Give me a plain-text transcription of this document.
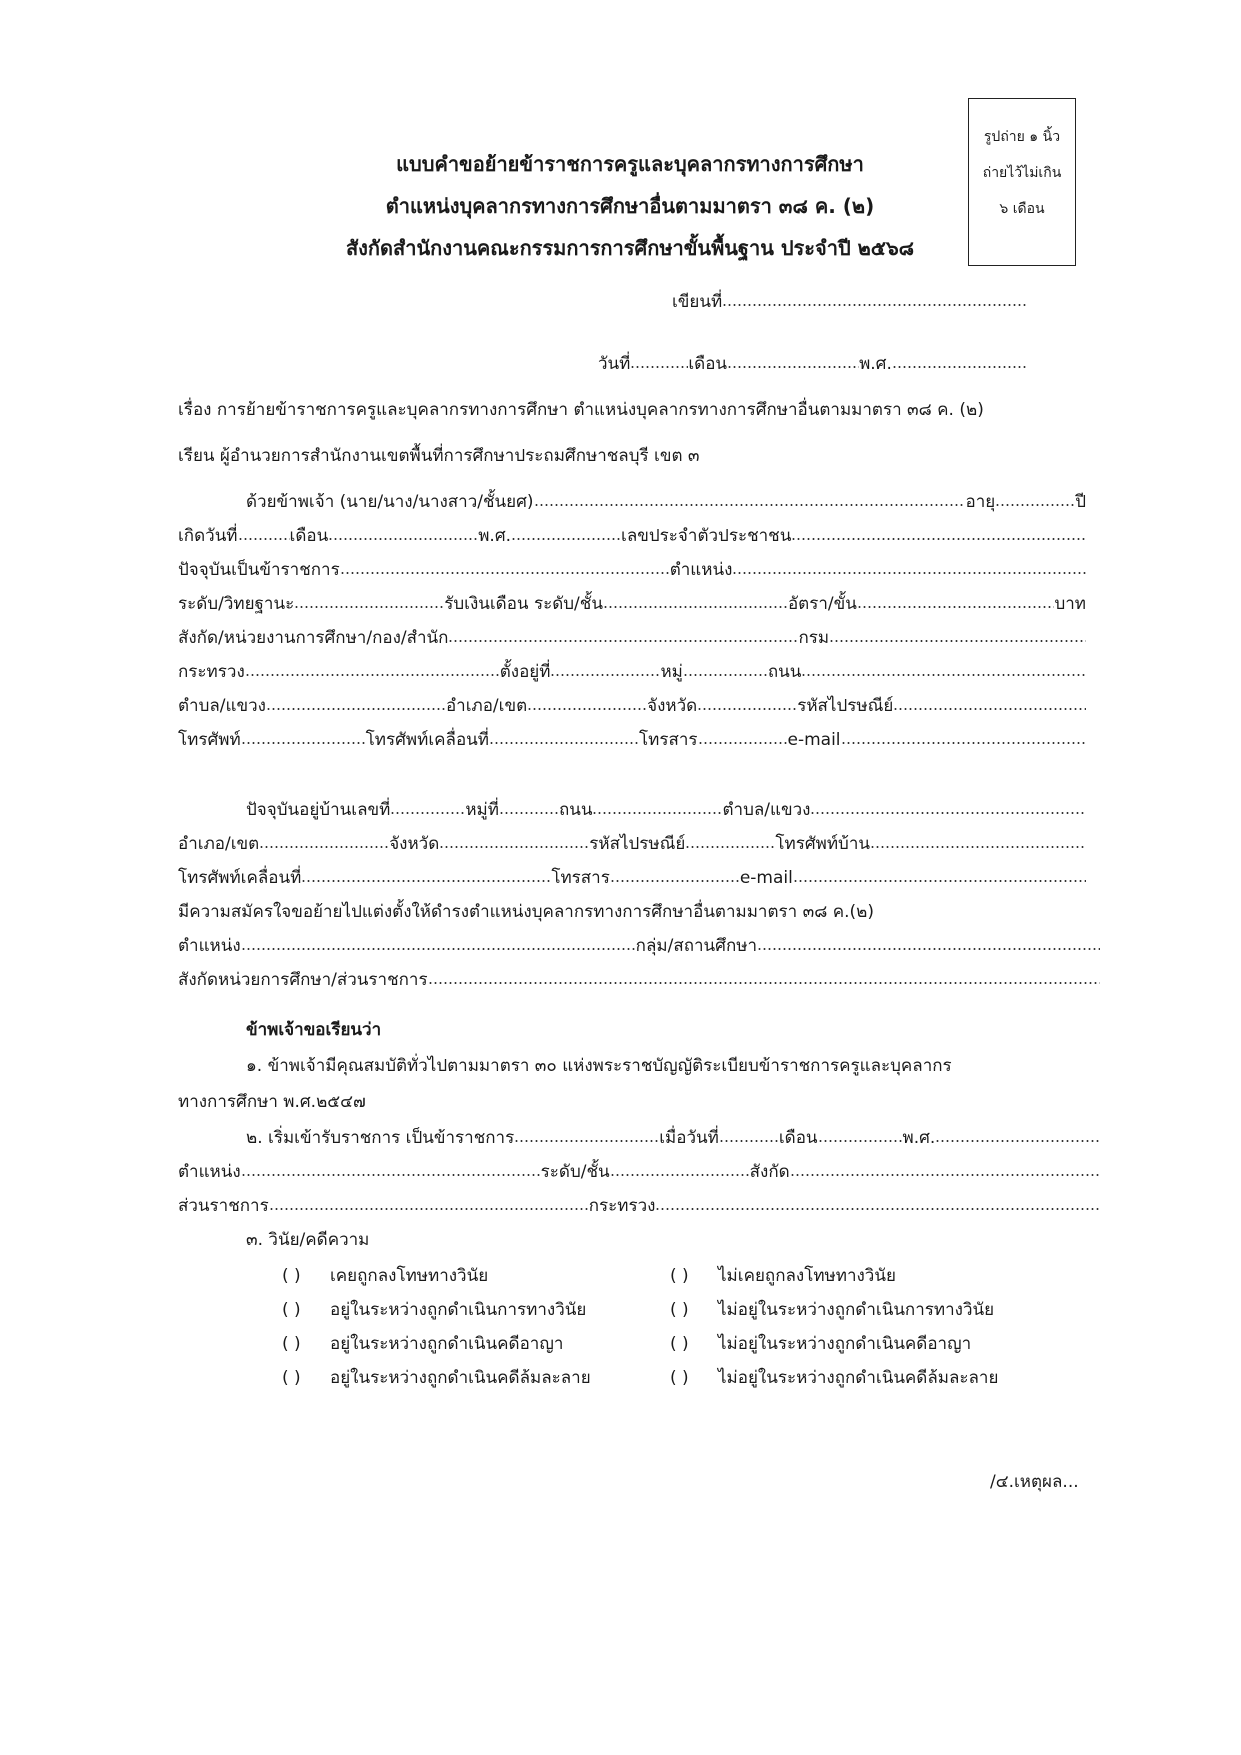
รูปถ่าย ๑ นิ้ว
ถ่ายไว้ไม่เกิน
๖ เดือน
แบบคำขอย้ายข้าราชการครูและบุคลากรทางการศึกษา
ตำแหน่งบุคลากรทางการศึกษาอื่นตามมาตรา ๓๘ ค. (๒)
สังกัดสำนักงานคณะกรรมการการศึกษาขั้นพื้นฐาน ประจำปี ๒๕๖๘
เขียนที่
วันที่	เดือน	พ.ศ.
เรื่อง การย้ายข้าราชการครูและบุคลากรทางการศึกษา ตำแหน่งบุคลากรทางการศึกษาอื่นตามมาตรา ๓๘ ค. (๒)
เรียน ผู้อำนวยการสำนักงานเขตพื้นที่การศึกษาประถมศึกษาชลบุรี เขต ๓
ด้วยข้าพเจ้า (นาย/นาง/นางสาว/ชั้นยศ)	อายุ	ปี
เกิดวันที่	เดือน	พ.ศ.	เลขประจำตัวประชาชน
ปัจจุบันเป็นข้าราชการ	ตำแหน่ง
ระดับ/วิทยฐานะ	รับเงินเดือน ระดับ/ชั้น	อัตรา/ขั้น	บาท
สังกัด/หน่วยงานการศึกษา/กอง/สำนัก	กรม
กระทรวง	ตั้งอยู่ที่	หมู่	ถนน
ตำบล/แขวง	อำเภอ/เขต	จังหวัด	รหัสไปรษณีย์
โทรศัพท์	โทรศัพท์เคลื่อนที่	โทรสาร	e-mail
ปัจจุบันอยู่บ้านเลขที่	หมู่ที่	ถนน	ตำบล/แขวง
อำเภอ/เขต	จังหวัด	รหัสไปรษณีย์	โทรศัพท์บ้าน
โทรศัพท์เคลื่อนที่	โทรสาร	e-mail
มีความสมัครใจขอย้ายไปแต่งตั้งให้ดำรงตำแหน่งบุคลากรทางการศึกษาอื่นตามมาตรา ๓๘ ค.(๒)
ตำแหน่ง	กลุ่ม/สถานศึกษา
สังกัดหน่วยการศึกษา/ส่วนราชการ
ข้าพเจ้าขอเรียนว่า
๑. ข้าพเจ้ามีคุณสมบัติทั่วไปตามมาตรา ๓๐ แห่งพระราชบัญญัติระเบียบข้าราชการครูและบุคลากร
ทางการศึกษา พ.ศ.๒๕๔๗
๒. เริ่มเข้ารับราชการ เป็นข้าราชการ	เมื่อวันที่	เดือน	พ.ศ.
ตำแหน่ง	ระดับ/ชั้น	สังกัด
ส่วนราชการ	กระทรวง
๓. วินัย/คดีความ
( )	เคยถูกลงโทษทางวินัย	( )	ไม่เคยถูกลงโทษทางวินัย
( )	อยู่ในระหว่างถูกดำเนินการทางวินัย	( )	ไม่อยู่ในระหว่างถูกดำเนินการทางวินัย
( )	อยู่ในระหว่างถูกดำเนินคดีอาญา	( )	ไม่อยู่ในระหว่างถูกดำเนินคดีอาญา
( )	อยู่ในระหว่างถูกดำเนินคดีล้มละลาย	( )	ไม่อยู่ในระหว่างถูกดำเนินคดีล้มละลาย
/๔.เหตุผล...
